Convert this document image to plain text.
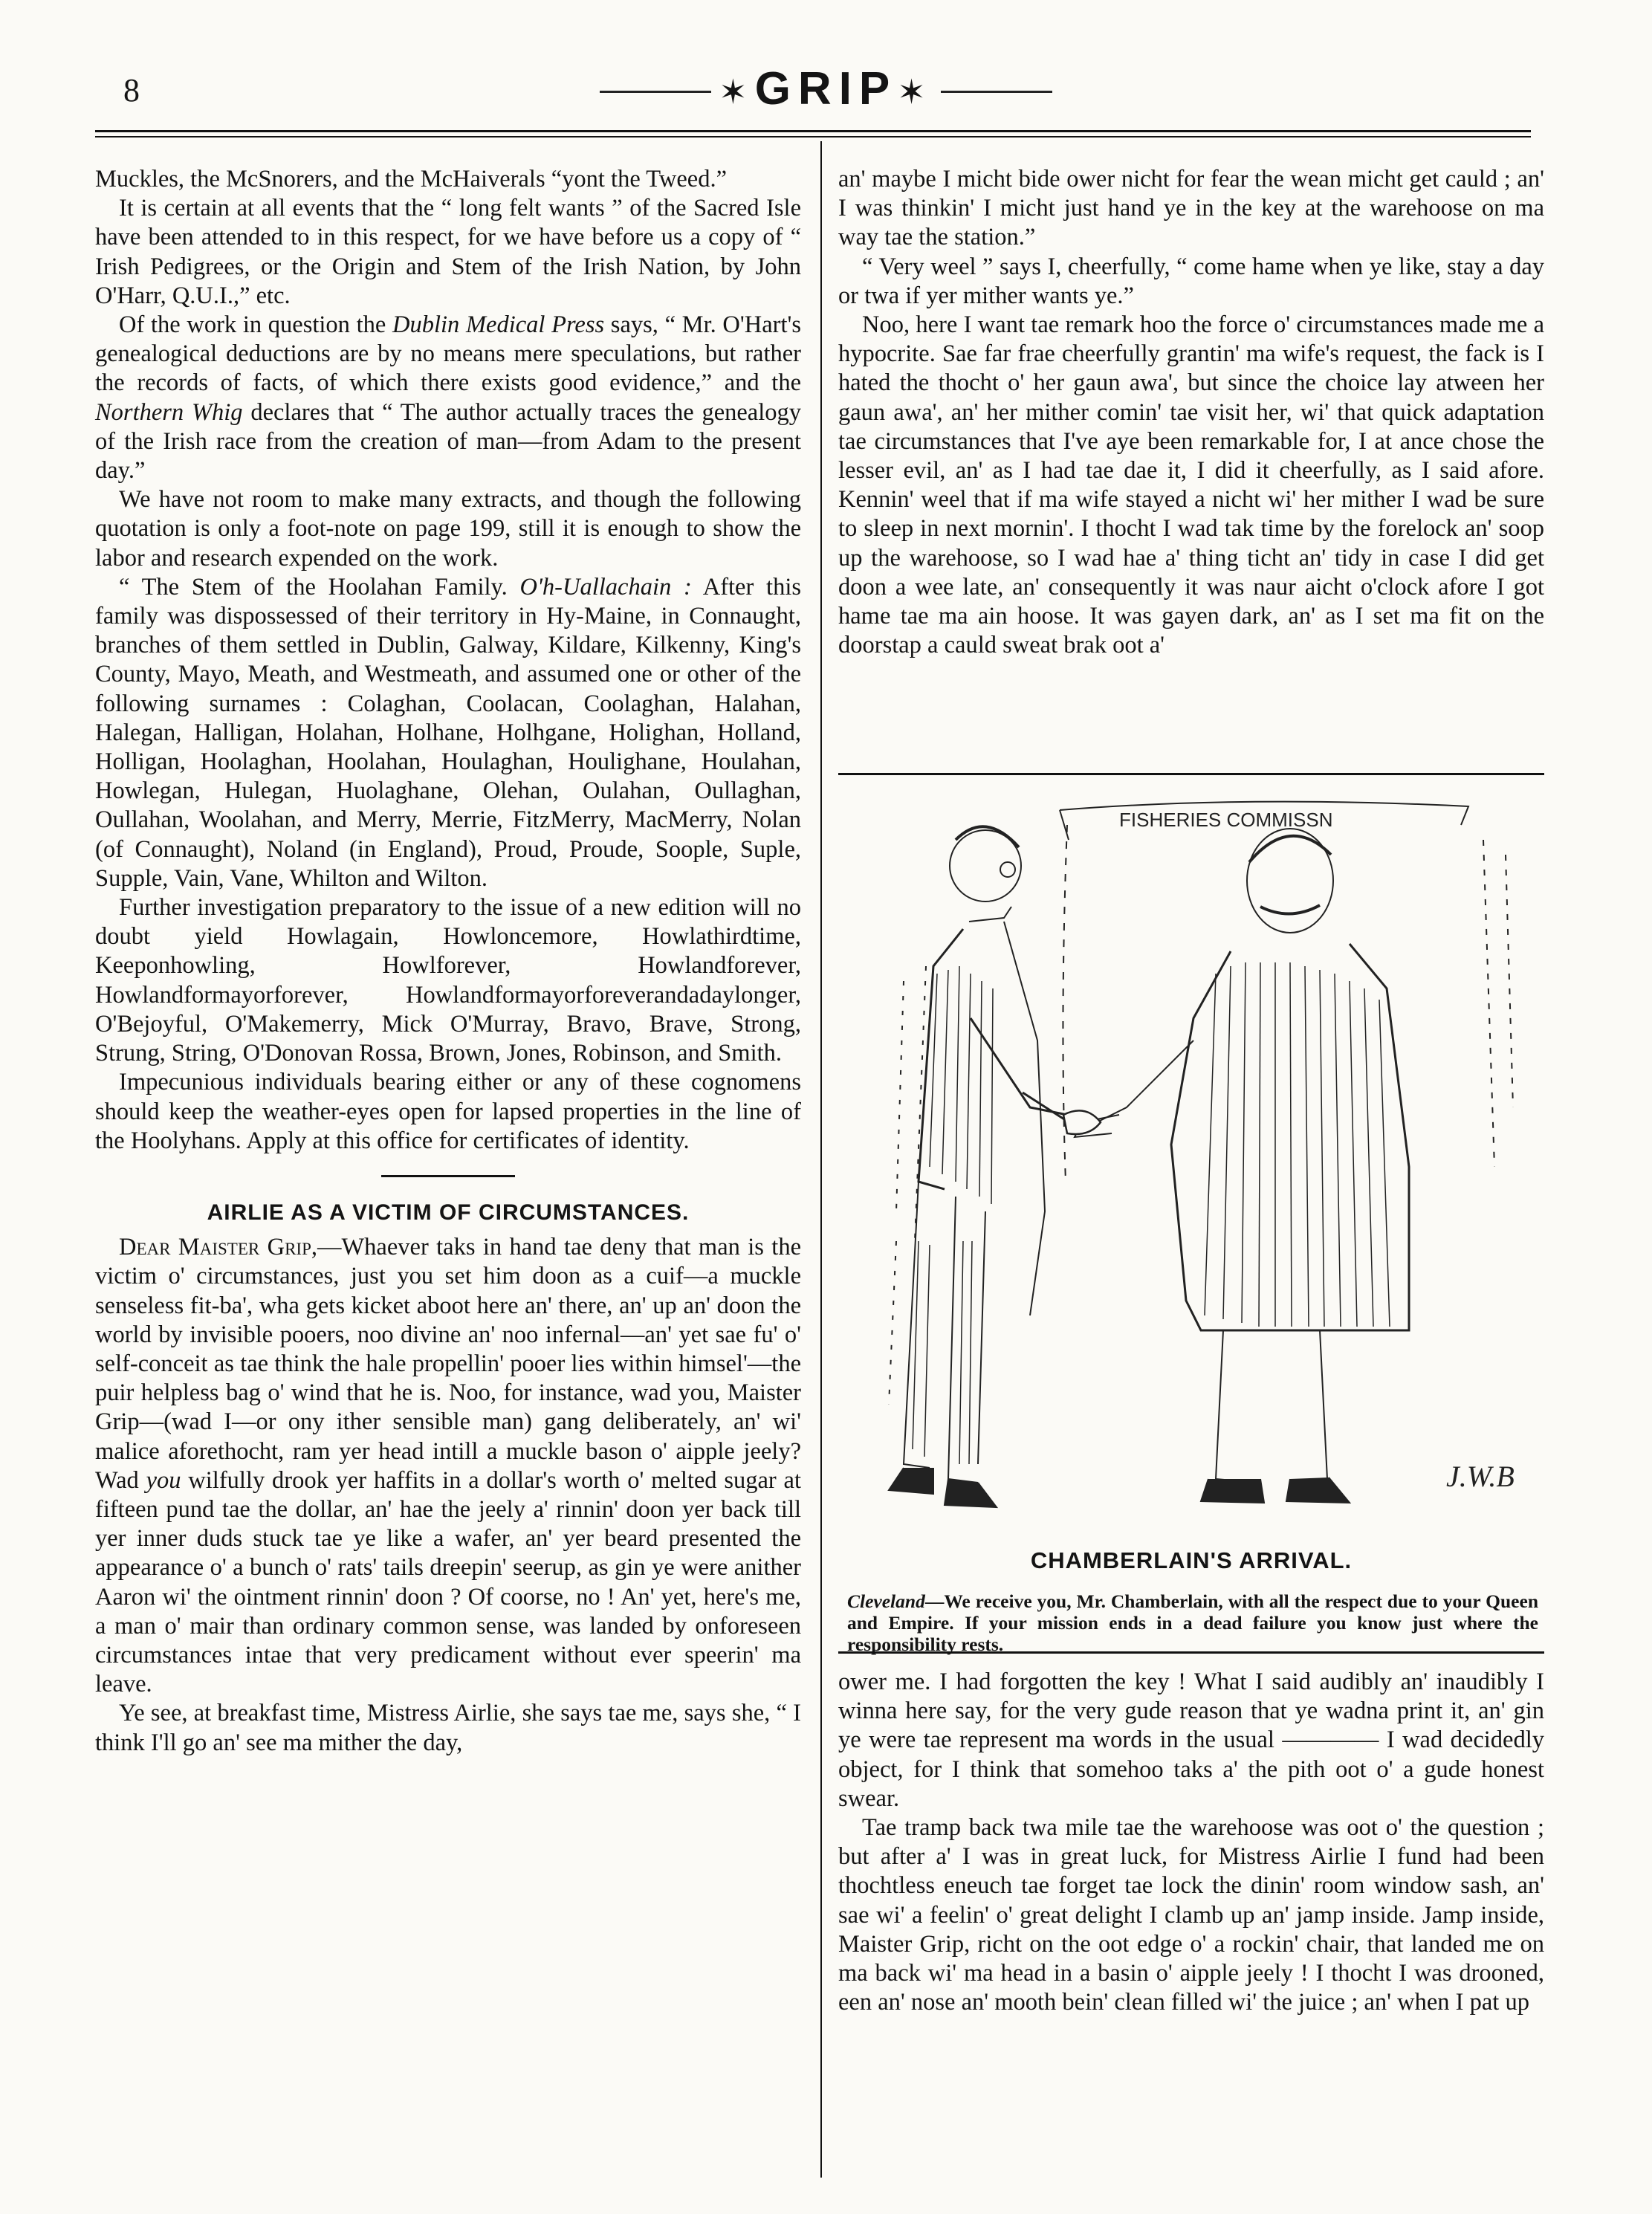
8	✶GRIP✶

Muckles, the McSnorers, and the McHaiverals “yont the Tweed.”

It is certain at all events that the “ long felt wants ” of the Sacred Isle have been attended to in this respect, for we have before us a copy of “ Irish Pedigrees, or the Origin and Stem of the Irish Nation, by John O'Harr, Q.U.I.,” etc.

Of the work in question the Dublin Medical Press says, “ Mr. O'Hart's genealogical deductions are by no means mere speculations, but rather the records of facts, of which there exists good evidence,” and the Northern Whig declares that “ The author actually traces the genealogy of the Irish race from the creation of man—from Adam to the present day.”

We have not room to make many extracts, and though the following quotation is only a foot-note on page 199, still it is enough to show the labor and research expended on the work.

“ The Stem of the Hoolahan Family. O'h-Uallachain : After this family was dispossessed of their territory in Hy-Maine, in Connaught, branches of them settled in Dublin, Galway, Kildare, Kilkenny, King's County, Mayo, Meath, and Westmeath, and assumed one or other of the following surnames : Colaghan, Coolacan, Coolaghan, Halahan, Halegan, Halligan, Holahan, Holhane, Holhgane, Holighan, Holland, Holligan, Hoolaghan, Hoolahan, Houlaghan, Houlighane, Houlahan, Howlegan, Hulegan, Huolaghane, Olehan, Oulahan, Oullaghan, Oullahan, Woolahan, and Merry, Merrie, FitzMerry, MacMerry, Nolan (of Connaught), Noland (in England), Proud, Proude, Soople, Suple, Supple, Vain, Vane, Whilton and Wilton.

Further investigation preparatory to the issue of a new edition will no doubt yield Howlagain, Howloncemore, Howlathirdtime, Keeponhowling, Howlforever, Howlandforever, Howlandformayorforever, Howlandformayorforeverandadaylonger, O'Bejoyful, O'Makemerry, Mick O'Murray, Bravo, Brave, Strong, Strung, String, O'Donovan Rossa, Brown, Jones, Robinson, and Smith.

Impecunious individuals bearing either or any of these cognomens should keep the weather-eyes open for lapsed properties in the line of the Hoolyhans. Apply at this office for certificates of identity.

AIRLIE AS A VICTIM OF CIRCUMSTANCES.

Dear Maister Grip,—Whaever taks in hand tae deny that man is the victim o' circumstances, just you set him doon as a cuif—a muckle senseless fit-ba', wha gets kicket aboot here an' there, an' up an' doon the world by invisible pooers, noo divine an' noo infernal—an' yet sae fu' o' self-conceit as tae think the hale propellin' pooer lies within himsel'—the puir helpless bag o' wind that he is. Noo, for instance, wad you, Maister Grip—(wad I—or ony ither sensible man) gang deliberately, an' wi' malice aforethocht, ram yer head intill a muckle bason o' aipple jeely? Wad you wilfully drook yer haffits in a dollar's worth o' melted sugar at fifteen pund tae the dollar, an' hae the jeely a' rinnin' doon yer back till yer inner duds stuck tae ye like a wafer, an' yer beard presented the appearance o' a bunch o' rats' tails dreepin' seerup, as gin ye were anither Aaron wi' the ointment rinnin' doon ? Of coorse, no ! An' yet, here's me, a man o' mair than ordinary common sense, was landed by onforeseen circumstances intae that very predicament without ever speerin' ma leave.

Ye see, at breakfast time, Mistress Airlie, she says tae me, says she, “ I think I'll go an' see ma mither the day,

an' maybe I micht bide ower nicht for fear the wean micht get cauld ; an' I was thinkin' I micht just hand ye in the key at the warehoose on ma way tae the station.”

“ Very weel ” says I, cheerfully, “ come hame when ye like, stay a day or twa if yer mither wants ye.”

Noo, here I want tae remark hoo the force o' circumstances made me a hypocrite. Sae far frae cheerfully grantin' ma wife's request, the fack is I hated the thocht o' her gaun awa', but since the choice lay atween her gaun awa', an' her mither comin' tae visit her, wi' that quick adaptation tae circumstances that I've aye been remarkable for, I at ance chose the lesser evil, an' as I had tae dae it, I did it cheerfully, as I said afore. Kennin' weel that if ma wife stayed a nicht wi' her mither I wad be sure to sleep in next mornin'. I thocht I wad tak time by the forelock an' soop up the warehoose, so I wad hae a' thing ticht an' tidy in case I did get doon a wee late, an' consequently it was naur aicht o'clock afore I got hame tae ma ain hoose. It was gayen dark, an' as I set ma fit on the doorstap a cauld sweat brak oot a'

FISHERIES COMMISSN
J.W.B
CHAMBERLAIN'S ARRIVAL.
Cleveland—We receive you, Mr. Chamberlain, with all the respect due to your Queen and Empire. If your mission ends in a dead failure you know just where the responsibility rests.

ower me. I had forgotten the key ! What I said audibly an' inaudibly I winna here say, for the very gude reason that ye wadna print it, an' gin ye were tae represent ma words in the usual ———— I wad decidedly object, for I think that somehoo taks a' the pith oot o' a gude honest swear.

Tae tramp back twa mile tae the warehoose was oot o' the question ; but after a' I was in great luck, for Mistress Airlie I fund had been thochtless eneuch tae forget tae lock the dinin' room window sash, an' sae wi' a feelin' o' great delight I clamb up an' jamp inside. Jamp inside, Maister Grip, richt on the oot edge o' a rockin' chair, that landed me on ma back wi' ma head in a basin o' aipple jeely ! I thocht I was drooned, een an' nose an' mooth bein' clean filled wi' the juice ; an' when I pat up
